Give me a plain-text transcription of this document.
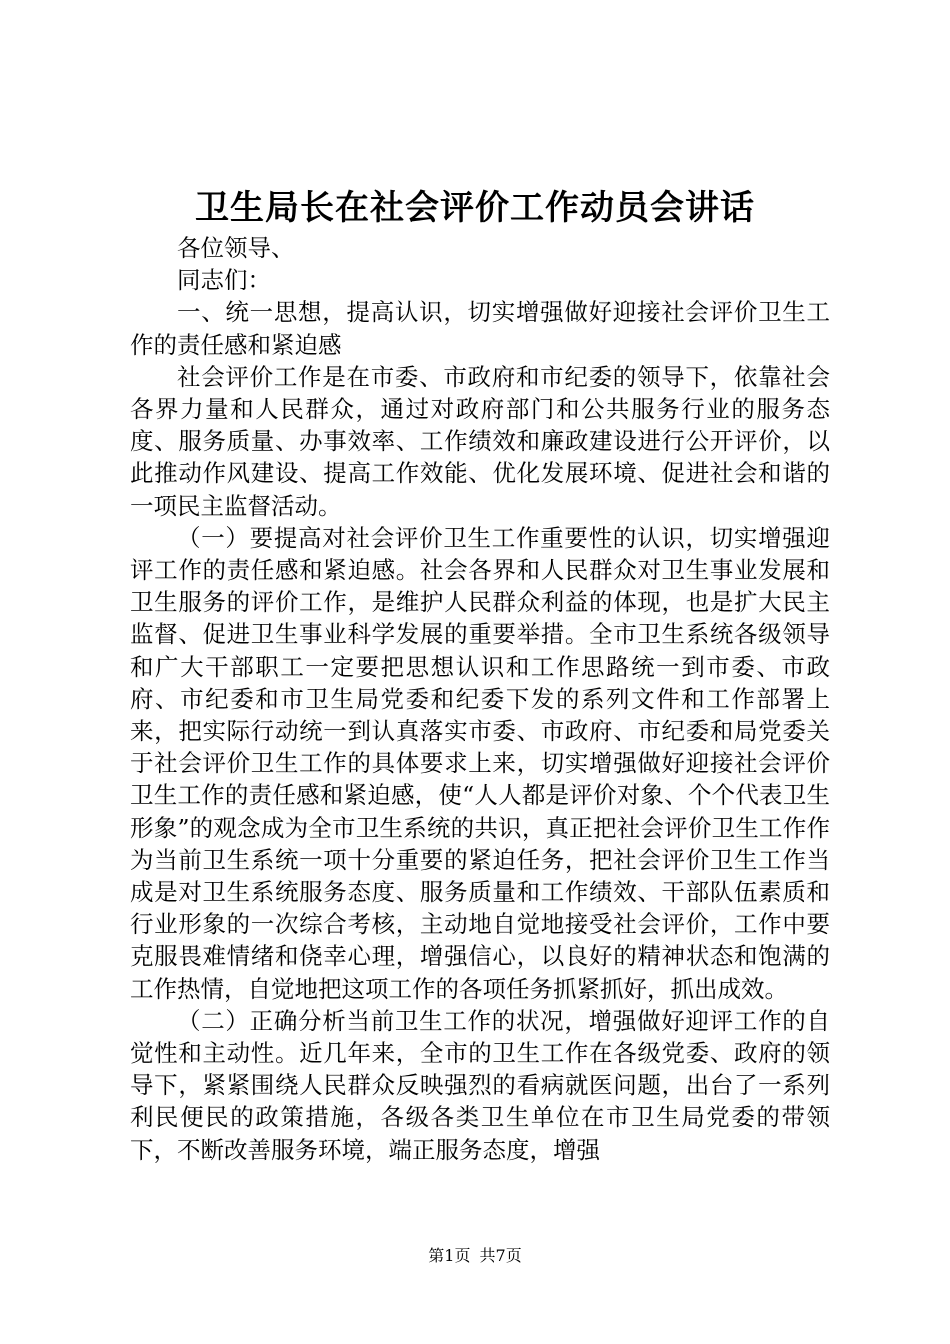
卫生局长在社会评价工作动员会讲话

各位领导、

同志们：

一、统一思想，提高认识，切实增强做好迎接社会评价卫生工作的责任感和紧迫感

社会评价工作是在市委、市政府和市纪委的领导下，依靠社会各界力量和人民群众，通过对政府部门和公共服务行业的服务态度、服务质量、办事效率、工作绩效和廉政建设进行公开评价，以此推动作风建设、提高工作效能、优化发展环境、促进社会和谐的一项民主监督活动。

（一）要提高对社会评价卫生工作重要性的认识，切实增强迎评工作的责任感和紧迫感。社会各界和人民群众对卫生事业发展和卫生服务的评价工作，是维护人民群众利益的体现，也是扩大民主监督、促进卫生事业科学发展的重要举措。全市卫生系统各级领导和广大干部职工一定要把思想认识和工作思路统一到市委、市政府、市纪委和市卫生局党委和纪委下发的系列文件和工作部署上来，把实际行动统一到认真落实市委、市政府、市纪委和局党委关于社会评价卫生工作的具体要求上来，切实增强做好迎接社会评价卫生工作的责任感和紧迫感，使“人人都是评价对象、个个代表卫生形象”的观念成为全市卫生系统的共识，真正把社会评价卫生工作作为当前卫生系统一项十分重要的紧迫任务，把社会评价卫生工作当成是对卫生系统服务态度、服务质量和工作绩效、干部队伍素质和行业形象的一次综合考核，主动地自觉地接受社会评价，工作中要克服畏难情绪和侥幸心理，增强信心，以良好的精神状态和饱满的工作热情，自觉地把这项工作的各项任务抓紧抓好，抓出成效。

（二）正确分析当前卫生工作的状况，增强做好迎评工作的自觉性和主动性。近几年来，全市的卫生工作在各级党委、政府的领导下，紧紧围绕人民群众反映强烈的看病就医问题，出台了一系列利民便民的政策措施，各级各类卫生单位在市卫生局党委的带领下，不断改善服务环境，端正服务态度，增强

第1页 共7页
